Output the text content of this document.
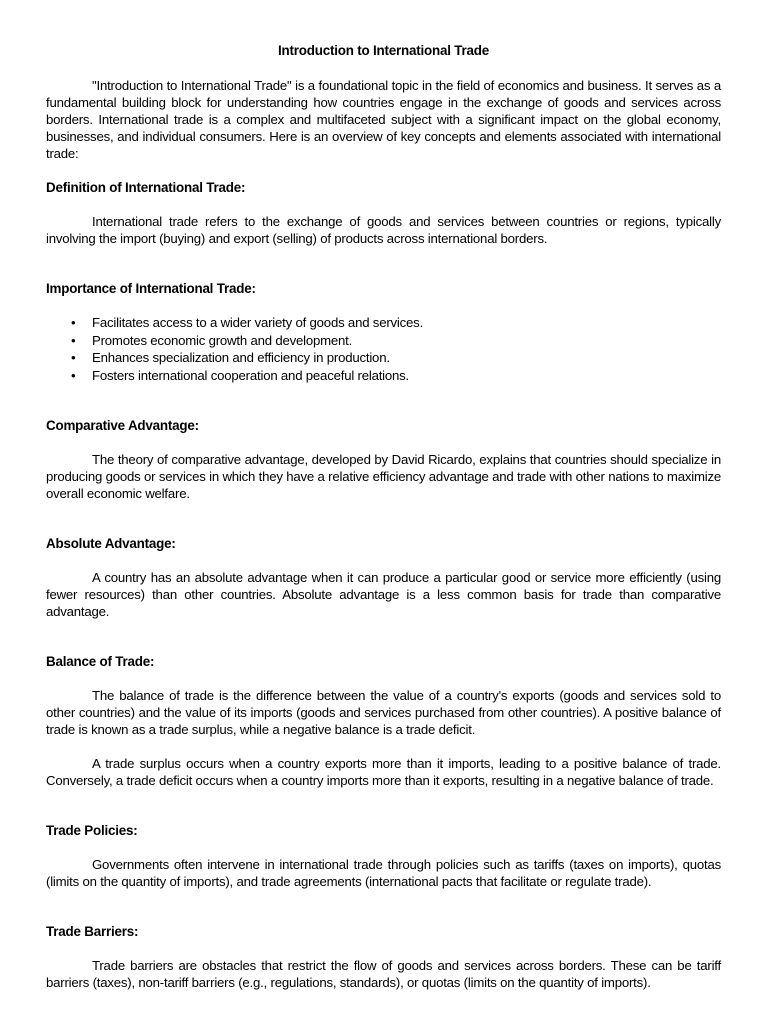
Introduction to International Trade

"Introduction to International Trade" is a foundational topic in the field of economics and business. It serves as a fundamental building block for understanding how countries engage in the exchange of goods and services across borders. International trade is a complex and multifaceted subject with a significant impact on the global economy, businesses, and individual consumers. Here is an overview of key concepts and elements associated with international trade:

Definition of International Trade:

International trade refers to the exchange of goods and services between countries or regions, typically involving the import (buying) and export (selling) of products across international borders.

Importance of International Trade:
• Facilitates access to a wider variety of goods and services.
• Promotes economic growth and development.
• Enhances specialization and efficiency in production.
• Fosters international cooperation and peaceful relations.
Comparative Advantage:

The theory of comparative advantage, developed by David Ricardo, explains that countries should specialize in producing goods or services in which they have a relative efficiency advantage and trade with other nations to maximize overall economic welfare.

Absolute Advantage:

A country has an absolute advantage when it can produce a particular good or service more efficiently (using fewer resources) than other countries. Absolute advantage is a less common basis for trade than comparative advantage.

Balance of Trade:

The balance of trade is the difference between the value of a country's exports (goods and services sold to other countries) and the value of its imports (goods and services purchased from other countries). A positive balance of trade is known as a trade surplus, while a negative balance is a trade deficit.

A trade surplus occurs when a country exports more than it imports, leading to a positive balance of trade. Conversely, a trade deficit occurs when a country imports more than it exports, resulting in a negative balance of trade.

Trade Policies:

Governments often intervene in international trade through policies such as tariffs (taxes on imports), quotas (limits on the quantity of imports), and trade agreements (international pacts that facilitate or regulate trade).

Trade Barriers:

Trade barriers are obstacles that restrict the flow of goods and services across borders. These can be tariff barriers (taxes), non-tariff barriers (e.g., regulations, standards), or quotas (limits on the quantity of imports).
